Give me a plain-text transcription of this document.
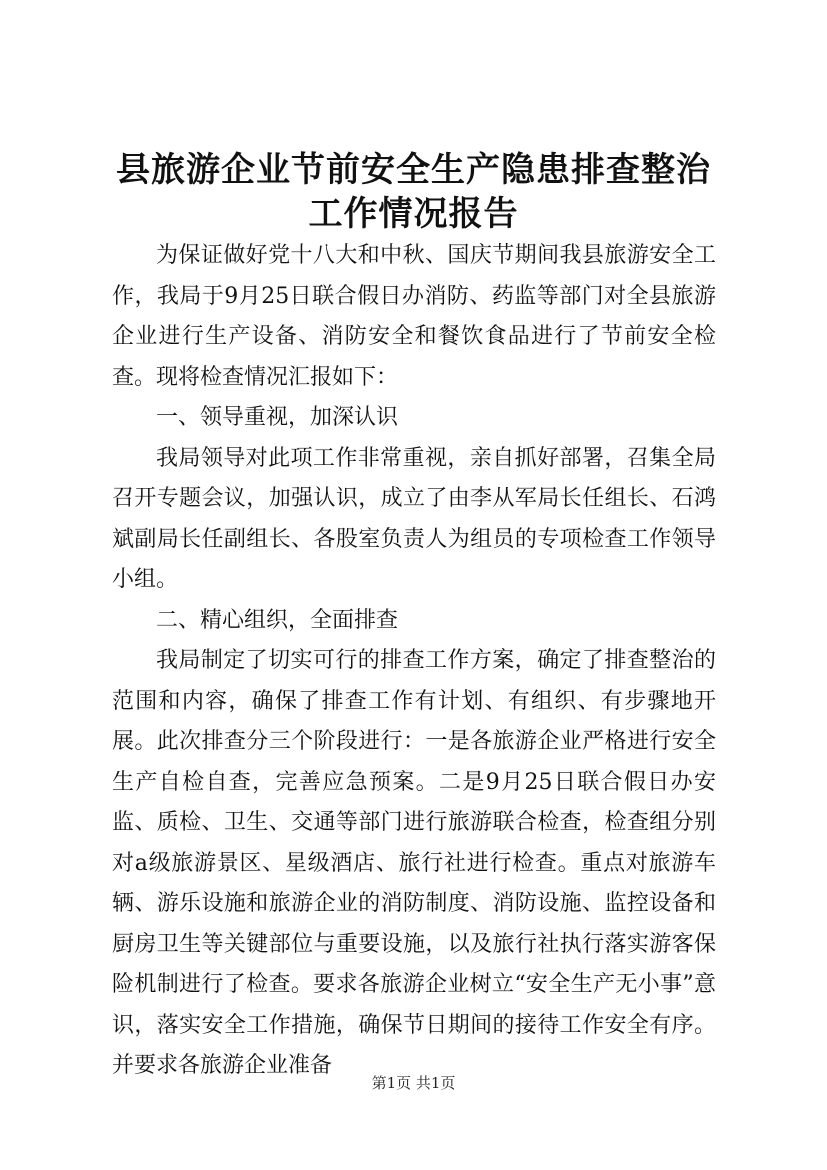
县旅游企业节前安全生产隐患排查整治工作情况报告

为保证做好党十八大和中秋、国庆节期间我县旅游安全工作，我局于9月25日联合假日办消防、药监等部门对全县旅游企业进行生产设备、消防安全和餐饮食品进行了节前安全检查。现将检查情况汇报如下：

一、领导重视，加深认识

我局领导对此项工作非常重视，亲自抓好部署，召集全局召开专题会议，加强认识，成立了由李从军局长任组长、石鸿斌副局长任副组长、各股室负责人为组员的专项检查工作领导小组。

二、精心组织，全面排查

我局制定了切实可行的排查工作方案，确定了排查整治的范围和内容，确保了排查工作有计划、有组织、有步骤地开展。此次排查分三个阶段进行：一是各旅游企业严格进行安全生产自检自查，完善应急预案。二是9月25日联合假日办安监、质检、卫生、交通等部门进行旅游联合检查，检查组分别对a级旅游景区、星级酒店、旅行社进行检查。重点对旅游车辆、游乐设施和旅游企业的消防制度、消防设施、监控设备和厨房卫生等关键部位与重要设施，以及旅行社执行落实游客保险机制进行了检查。要求各旅游企业树立“安全生产无小事”意识，落实安全工作措施，确保节日期间的接待工作安全有序。并要求各旅游企业准备

第1页 共1页
